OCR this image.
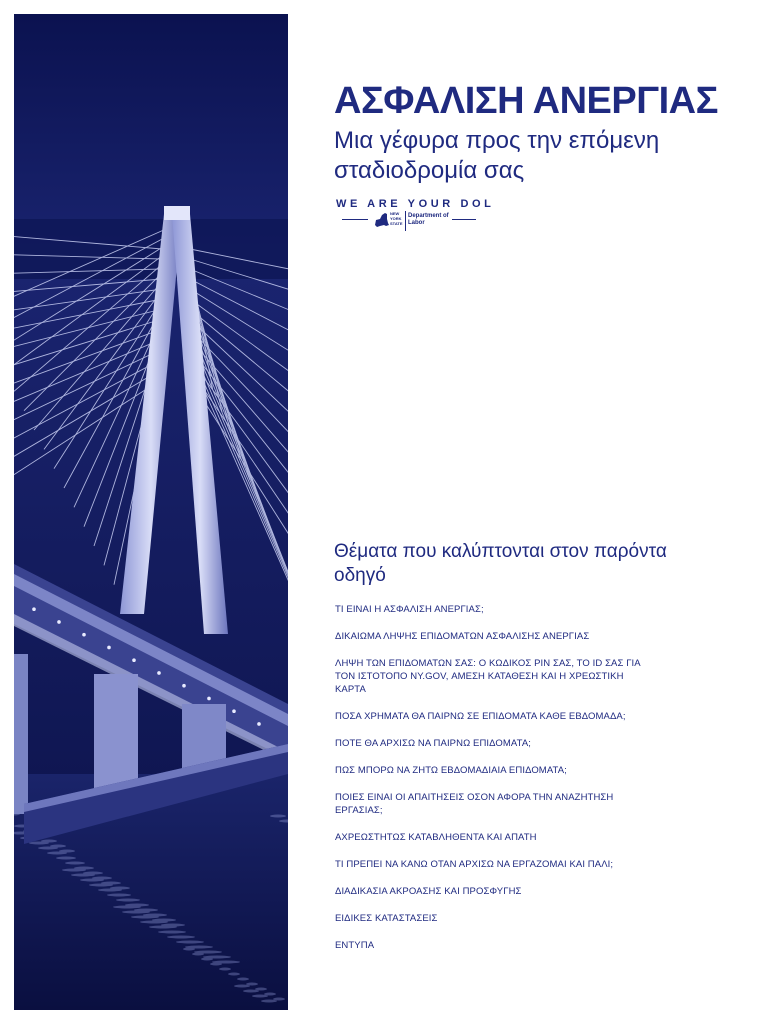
ΑΣΦΑΛΙΣΗ ΑΝΕΡΓΙΑΣ

Μια γέφυρα προς την επόμενη σταδιοδρομία σας

WE ARE YOUR DOL

NEW YORK STATE
Department of Labor
Θέματα που καλύπτονται στον παρόντα οδηγό
ΤΙ ΕΙΝΑΙ Η ΑΣΦΑΛΙΣΗ ΑΝΕΡΓΙΑΣ;
ΔΙΚΑΙΩΜΑ ΛΗΨΗΣ ΕΠΙΔΟΜΑΤΩΝ ΑΣΦΑΛΙΣΗΣ ΑΝΕΡΓΙΑΣ
ΛΗΨΗ ΤΩΝ ΕΠΙΔΟΜΑΤΩΝ ΣΑΣ: Ο ΚΩΔΙΚΟΣ PIN ΣΑΣ, ΤΟ ID ΣΑΣ ΓΙΑ ΤΟΝ ΙΣΤΟΤΟΠΟ NY.GOV, ΑΜΕΣΗ ΚΑΤΑΘΕΣΗ ΚΑΙ Η ΧΡΕΩΣΤΙΚΗ ΚΑΡΤΑ
ΠΟΣΑ ΧΡΗΜΑΤΑ ΘΑ ΠΑΙΡΝΩ ΣΕ ΕΠΙΔΟΜΑΤΑ ΚΑΘΕ ΕΒΔΟΜΑΔΑ;
ΠΟΤΕ ΘΑ ΑΡΧΙΣΩ ΝΑ ΠΑΙΡΝΩ ΕΠΙΔΟΜΑΤΑ;
ΠΩΣ ΜΠΟΡΩ ΝΑ ΖΗΤΩ ΕΒΔΟΜΑΔΙΑΙΑ ΕΠΙΔΟΜΑΤΑ;
ΠΟΙΕΣ ΕΙΝΑΙ ΟΙ ΑΠΑΙΤΗΣΕΙΣ ΟΣΟΝ ΑΦΟΡΑ ΤΗΝ ΑΝΑΖΗΤΗΣΗ ΕΡΓΑΣΙΑΣ;
ΑΧΡΕΩΣΤΗΤΩΣ ΚΑΤΑΒΛΗΘΕΝΤΑ ΚΑΙ ΑΠΑΤΗ
ΤΙ ΠΡΕΠΕΙ ΝΑ ΚΑΝΩ ΟΤΑΝ ΑΡΧΙΣΩ ΝΑ ΕΡΓΑΖΟΜΑΙ ΚΑΙ ΠΑΛΙ;
ΔΙΑΔΙΚΑΣΙΑ ΑΚΡΟΑΣΗΣ ΚΑΙ ΠΡΟΣΦΥΓΗΣ
ΕΙΔΙΚΕΣ ΚΑΤΑΣΤΑΣΕΙΣ
ΕΝΤΥΠΑ
